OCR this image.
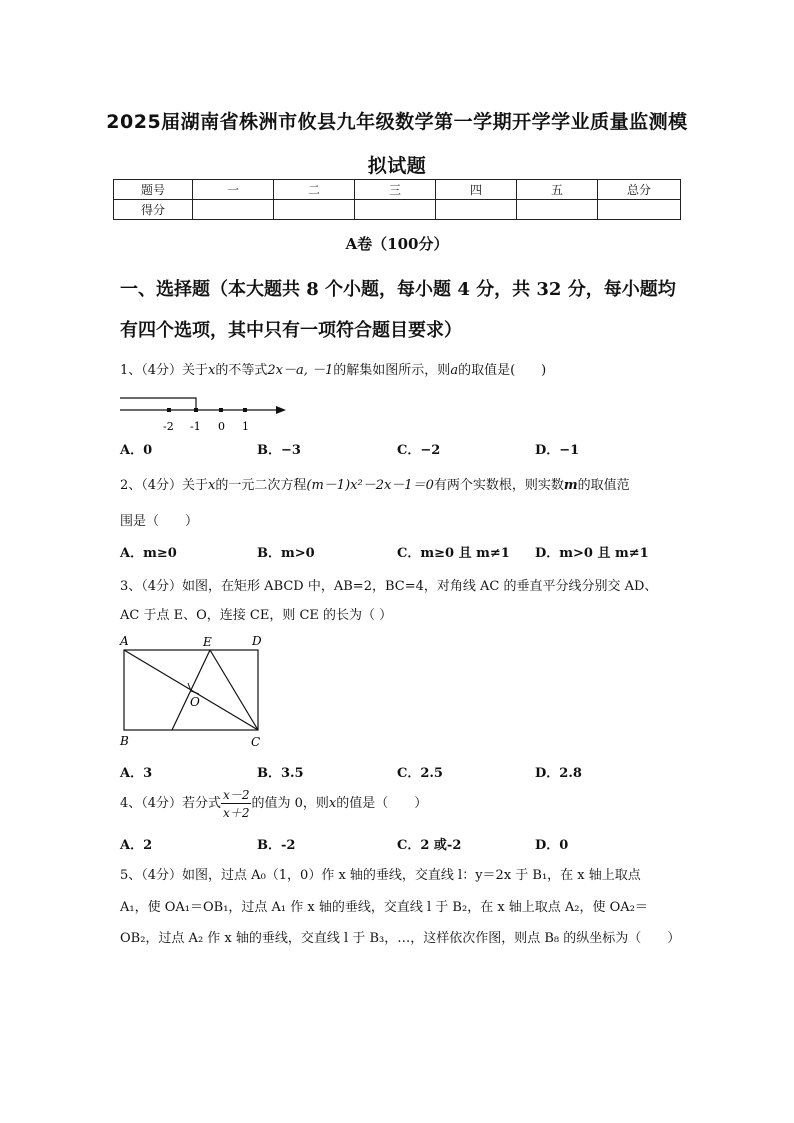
2025届湖南省株洲市攸县九年级数学第一学期开学学业质量监测模
拟试题
题号	一	二	三	四	五	总分
得分						
A卷（100分）
一、选择题（本大题共 8 个小题，每小题 4 分，共 32 分，每小题均
有四个选项，其中只有一项符合题目要求）
1、（4分）关于x的不等式2x－a, －1的解集如图所示，则a的取值是(　　)
-2 -1 0 1
A．0	B．−3	C．−2	D．−1
2、（4分）关于x的一元二次方程(m－1)x²－2x－1＝0有两个实数根，则实数m的取值范
围是（　　）
A．m≥0	B．m>0	C．m≥0 且 m≠1 D．m>0 且 m≠1
3、（4分）如图，在矩形 ABCD 中，AB=2，BC=4，对角线 AC 的垂直平分线分别交 AD、
AC 于点 E、O，连接 CE，则 CE 的长为（ ）
A	E	D
O
B	C
A．3	B．3.5	C．2.5	D．2.8
4、（4分）若分式 $\frac{x-2}{x+2}$ 的值为 0，则x的值是（　　）
A．2	B．-2	C．2 或-2	D．0
5、（4分）如图，过点 A₀（1，0）作 x 轴的垂线，交直线 l：y＝2x 于 B₁，在 x 轴上取点
A₁，使 OA₁＝OB₁，过点 A₁ 作 x 轴的垂线，交直线 l 于 B₂，在 x 轴上取点 A₂，使 OA₂＝
OB₂，过点 A₂ 作 x 轴的垂线，交直线 l 于 B₃，…，这样依次作图，则点 B₈ 的纵坐标为（　　）
